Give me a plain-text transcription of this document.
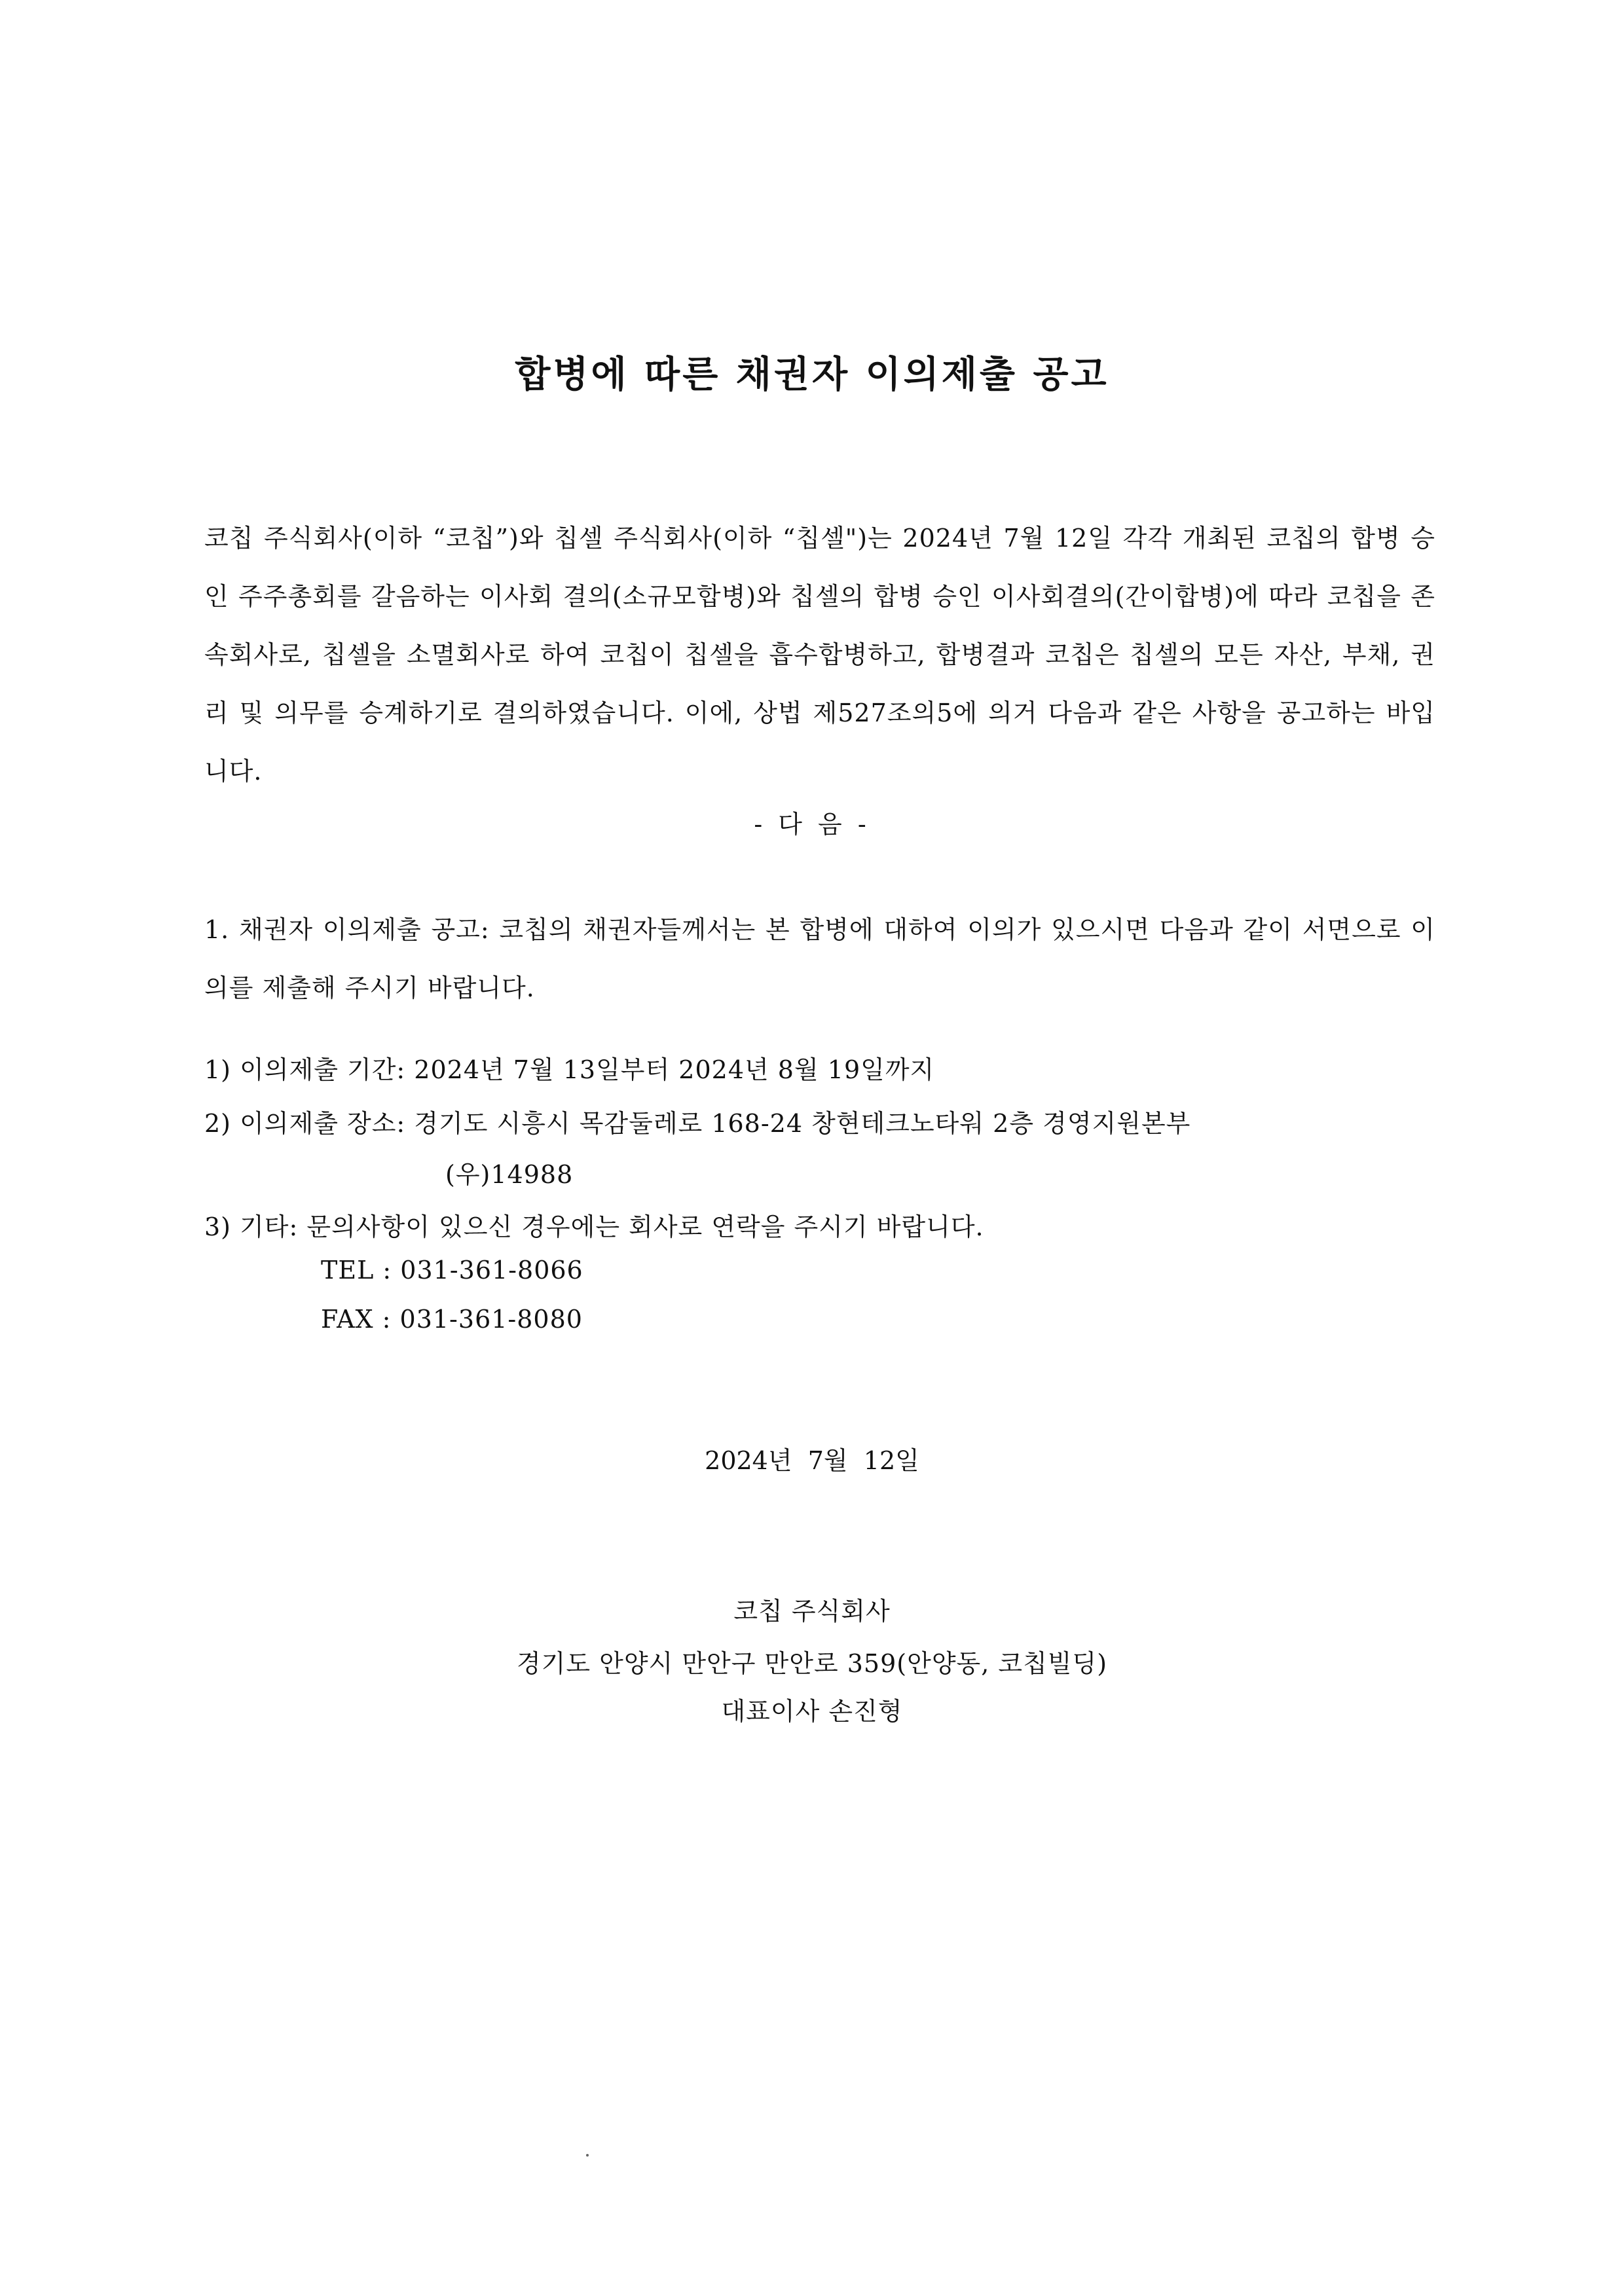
합병에 따른 채권자 이의제출 공고
코칩 주식회사(이하 “코칩”)와 칩셀 주식회사(이하 “칩셀")는 2024년 7월 12일 각각 개최된 코칩의 합병 승인 주주총회를 갈음하는 이사회 결의(소규모합병)와 칩셀의 합병 승인 이사회결의(간이합병)에 따라 코칩을 존속회사로, 칩셀을 소멸회사로 하여 코칩이 칩셀을 흡수합병하고, 합병결과 코칩은 칩셀의 모든 자산, 부채, 권리 및 의무를 승계하기로 결의하였습니다. 이에, 상법 제527조의5에 의거 다음과 같은 사항을 공고하는 바입니다.
- 다 음 -
1. 채권자 이의제출 공고: 코칩의 채권자들께서는 본 합병에 대하여 이의가 있으시면 다음과 같이 서면으로 이의를 제출해 주시기 바랍니다.
1) 이의제출 기간: 2024년 7월 13일부터 2024년 8월 19일까지
2) 이의제출 장소: 경기도 시흥시 목감둘레로 168-24 창현테크노타워 2층 경영지원본부
(우)14988
3) 기타: 문의사항이 있으신 경우에는 회사로 연락을 주시기 바랍니다.
TEL : 031-361-8066
FAX : 031-361-8080
2024년  7월  12일
코칩 주식회사
경기도 안양시 만안구 만안로 359(안양동, 코칩빌딩)
대표이사 손진형
